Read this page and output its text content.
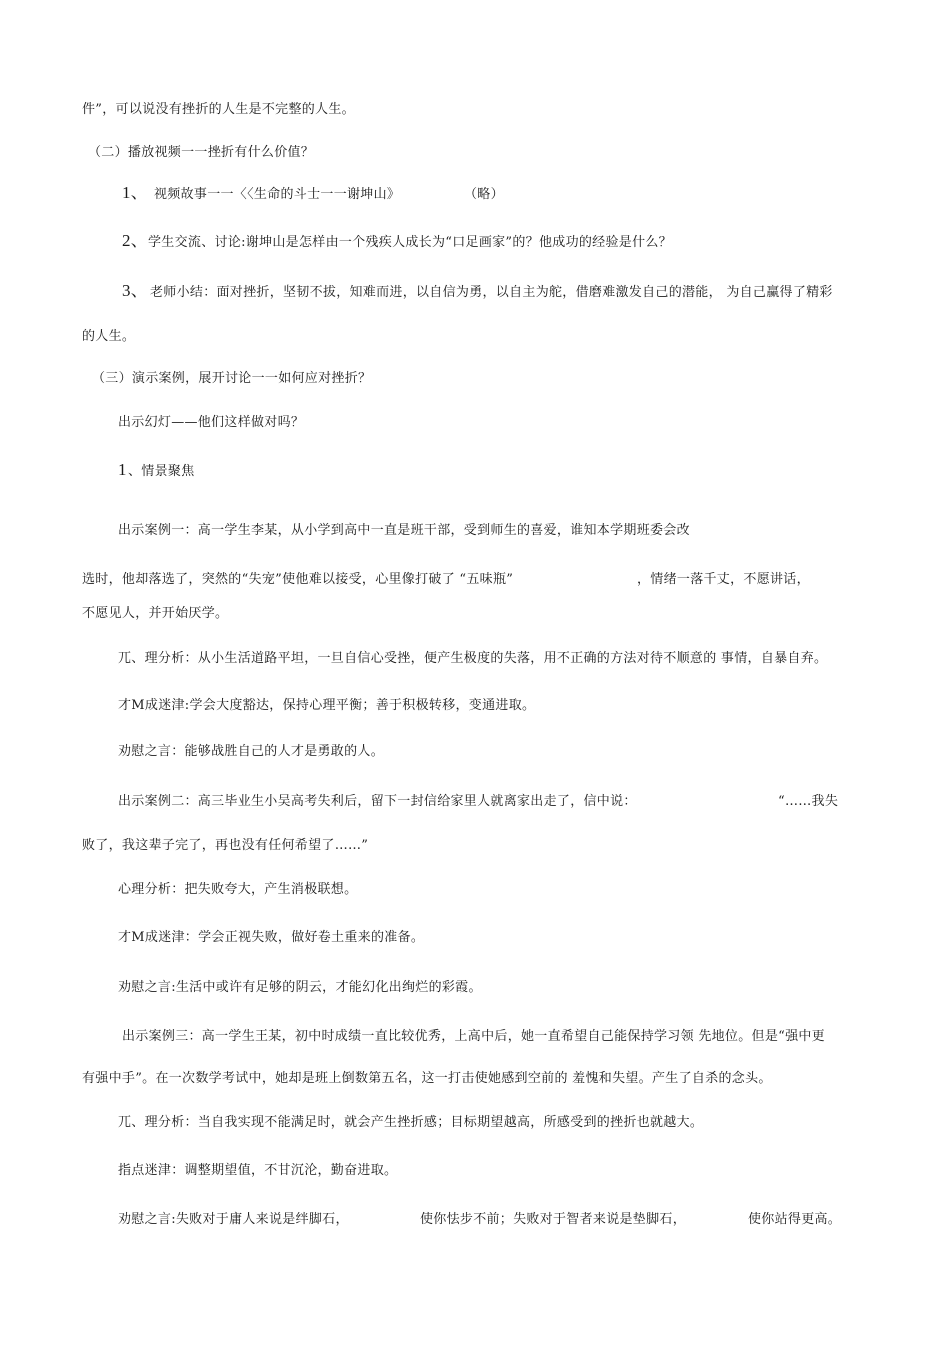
件”，可以说没有挫折的人生是不完整的人生。
（二）播放视频一一挫折有什么价值？
1、 视频故事一一〈〈生命的斗士一一谢坤山》	（略）
2、 学生交流、讨论:谢坤山是怎样由一个残疾人成长为“口足画家”的？他成功的经验是什么？
3、 老师小结：面对挫折，坚韧不拔，知难而进，以自信为勇，以自主为舵，借磨难激发自己的潜能， 为自己赢得了精彩
的人生。
（三）演示案例，展开讨论一一如何应对挫折？
出示幻灯——他们这样做对吗？
1 、情景聚焦
出示案例一：高一学生李某，从小学到高中一直是班干部，受到师生的喜爱，谁知本学期班委会改
选时，他却落选了，突然的“失宠”使他难以接受，心里像打破了 “五味瓶”	，情绪一落千丈，不愿讲话，
不愿见人，并开始厌学。
兀、理分析：从小生活道路平坦，一旦自信心受挫，便产生极度的失落，用不正确的方法对待不顺意的 事情，自暴自弃。
才M成迷津:学会大度豁达，保持心理平衡；善于积极转移，变通进取。
劝慰之言：能够战胜自己的人才是勇敢的人。
出示案例二：高三毕业生小吴高考失利后，留下一封信给家里人就离家出走了，信中说：	“……我失
败了，我这辈子完了，再也没有任何希望了……”
心理分析：把失败夸大，产生消极联想。
才M成迷津：学会正视失败，做好卷土重来的准备。
劝慰之言:生活中或许有足够的阴云，才能幻化出绚烂的彩霞。
出示案例三：高一学生王某，初中时成绩一直比较优秀，上高中后，她一直希望自己能保持学习领 先地位。但是“强中更
有强中手”。在一次数学考试中，她却是班上倒数第五名，这一打击使她感到空前的 羞愧和失望。产生了自杀的念头。
兀、理分析：当自我实现不能满足时，就会产生挫折感；目标期望越高，所感受到的挫折也就越大。
指点迷津：调整期望值，不甘沉沦，勤奋进取。
劝慰之言:失败对于庸人来说是绊脚石，	使你怯步不前；失败对于智者来说是垫脚石，	使你站得更高。
